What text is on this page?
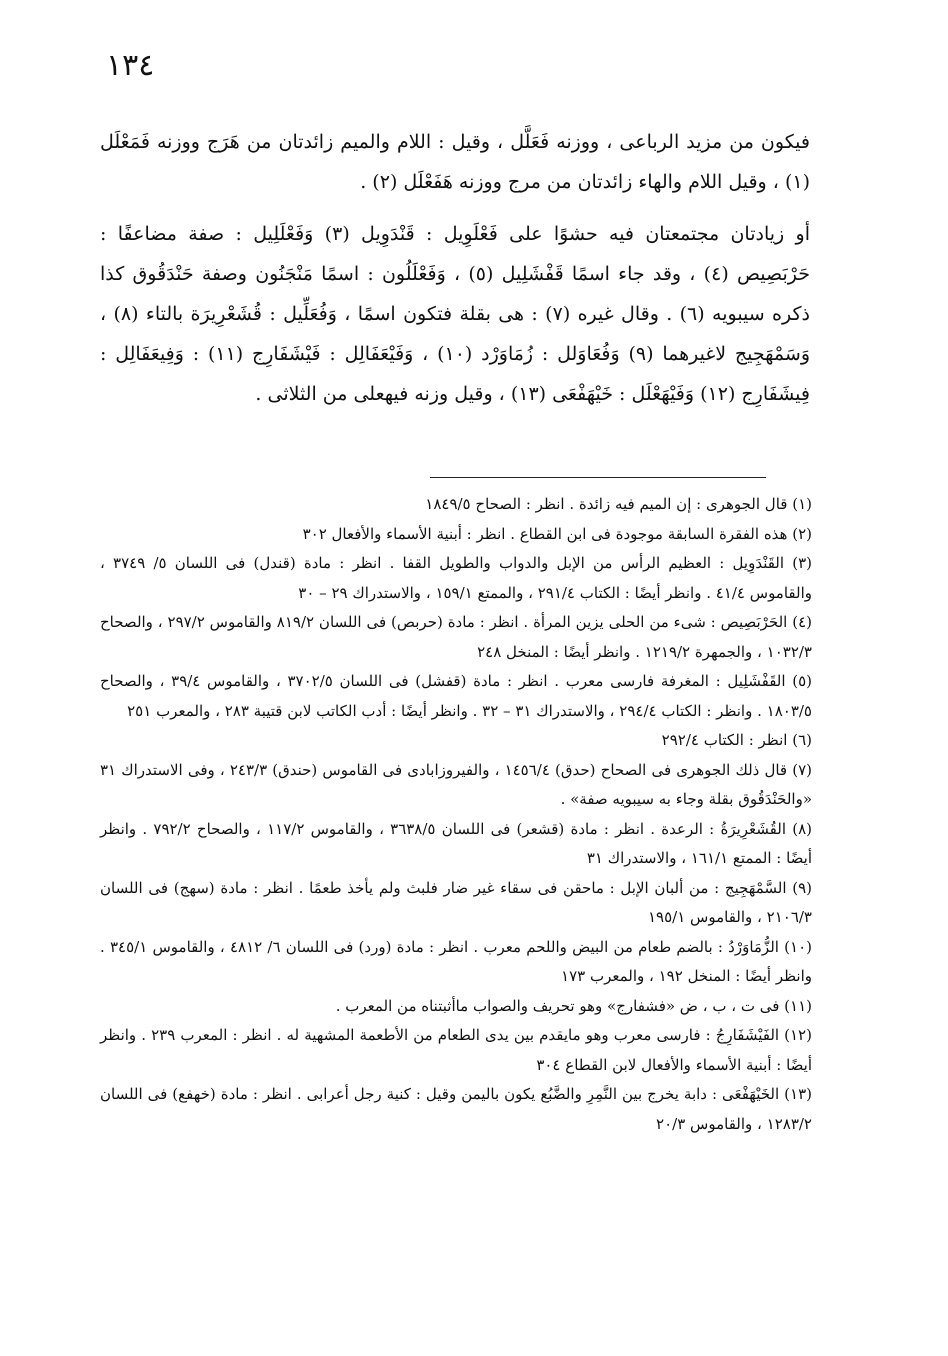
١٣٤

فيكون من مزيد الرباعى ، ووزنه فَعَلَّل ، وقيل : اللام والميم زائدتان من هَرَج ووزنه فَمَعْلَل (١) ، وقيل اللام والهاء زائدتان من مرج ووزنه هَفَعْلَل (٢) .

أو زيادتان مجتمعتان فيه حشوًا على فَعْلَوِيل : قَنْدَوِيل (٣) وَفَعْلَلِيل : صفة مضاعفًا : حَرْبَصِيص (٤) ، وقد جاء اسمًا قَفْشَلِيل (٥) ، وَفَعْلَلُون : اسمًا مَنْجَنُون وصفة حَنْدَقُوق كذا ذكره سيبويه (٦) . وقال غيره (٧) : هى بقلة فتكون اسمًا ، وَفُعَلِّيل : قُشَعْرِيرَة بالتاء (٨) ، وَسَمْهَجِيج لاغيرهما (٩) وَفُعَاوَلل : زُمَاوَرْد (١٠) ، وَفَيْعَفَالِل : فَيْشَفَارِج (١١) : وَفِيعَفَالِل : فِيشَفَارِج (١٢) وَفَيْهَعْلَل : خَيْهَفْعَى (١٣) ، وقيل وزنه فيهعلى من الثلاثى .

(١) قال الجوهرى : إن الميم فيه زائدة . انظر : الصحاح ١٨٤٩/٥

(٢) هذه الفقرة السابقة موجودة فى ابن القطاع . انظر : أبنية الأسماء والأفعال ٣٠٢

(٣) القَنْدَوِيل : العظيم الرأس من الإبل والدواب والطويل القفا . انظر : مادة (قندل) فى اللسان ٥/ ٣٧٤٩ ، والقاموس ٤١/٤ . وانظر أيضًا : الكتاب ٢٩١/٤ ، والممتع ١٥٩/١ ، والاستدراك ٢٩ – ٣٠

(٤) الحَرْبَصِيص : شىء من الحلى يزين المرأة . انظر : مادة (حربص) فى اللسان ٨١٩/٢ والقاموس ٢٩٧/٢ ، والصحاح ١٠٣٢/٣ ، والجمهرة ١٢١٩/٢ . وانظر أيضًا : المنخل ٢٤٨

(٥) القَفْشَلِيل : المغرفة فارسى معرب . انظر : مادة (قفشل) فى اللسان ٣٧٠٢/٥ ، والقاموس ٣٩/٤ ، والصحاح ١٨٠٣/٥ . وانظر : الكتاب ٢٩٤/٤ ، والاستدراك ٣١ – ٣٢ . وانظر أيضًا : أدب الكاتب لابن قتيبة ٢٨٣ ، والمعرب ٢٥١

(٦) انظر : الكتاب ٢٩٢/٤

(٧) قال ذلك الجوهرى فى الصحاح (حدق) ١٤٥٦/٤ ، والفيروزابادى فى القاموس (حندق) ٢٤٣/٣ ، وفى الاستدراك ٣١ «والحَنْدَقُوق بقلة وجاء به سيبويه صفة» .

(٨) القُشَعْرِيرَةُ : الرعدة . انظر : مادة (قشعر) فى اللسان ٣٦٣٨/٥ ، والقاموس ١١٧/٢ ، والصحاح ٧٩٢/٢ . وانظر أيضًا : الممتع ١٦١/١ ، والاستدراك ٣١

(٩) السَّمْهَجِيج : من ألبان الإبل : ماحقن فى سقاء غير ضار فلبث ولم يأخذ طعمًا . انظر : مادة (سهج) فى اللسان ٢١٠٦/٣ ، والقاموس ١٩٥/١

(١٠) الزُّمَاوَرْدُ : بالضم طعام من البيض واللحم معرب . انظر : مادة (ورد) فى اللسان ٦/ ٤٨١٢ ، والقاموس ٣٤٥/١ . وانظر أيضًا : المنخل ١٩٢ ، والمعرب ١٧٣

(١١) فى ت ، ب ، ض «فشفارج» وهو تحريف والصواب ماأثبتناه من المعرب .

(١٢) الفَيْشَفَارِجُ : فارسى معرب وهو مايقدم بين يدى الطعام من الأطعمة المشهية له . انظر : المعرب ٢٣٩ . وانظر أيضًا : أبنية الأسماء والأفعال لابن القطاع ٣٠٤

(١٣) الخَيْهَفْعَى : دابة يخرج بين النَّمِرِ والضَّبُع يكون باليمن وقيل : كنية رجل أعرابى . انظر : مادة (خهفع) فى اللسان ١٢٨٣/٢ ، والقاموس ٢٠/٣
